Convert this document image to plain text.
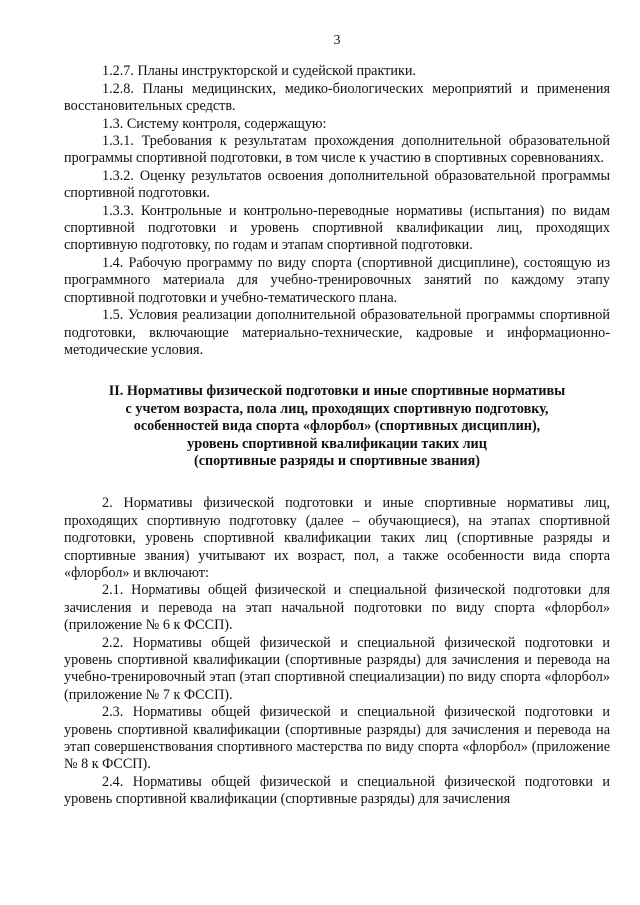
3

1.2.7. Планы инструкторской и судейской практики.

1.2.8. Планы медицинских, медико-биологических мероприятий и применения восстановительных средств.

1.3. Систему контроля, содержащую:

1.3.1. Требования к результатам прохождения дополнительной образовательной программы спортивной подготовки, в том числе к участию в спортивных соревнованиях.

1.3.2. Оценку результатов освоения дополнительной образовательной программы спортивной подготовки.

1.3.3. Контрольные и контрольно-переводные нормативы (испытания) по видам спортивной подготовки и уровень спортивной квалификации лиц, проходящих спортивную подготовку, по годам и этапам спортивной подготовки.

1.4. Рабочую программу по виду спорта (спортивной дисциплине), состоящую из программного материала для учебно-тренировочных занятий по каждому этапу спортивной подготовки и учебно-тематического плана.

1.5. Условия реализации дополнительной образовательной программы спортивной подготовки, включающие материально-технические, кадровые и информационно-методические условия.

II. Нормативы физической подготовки и иные спортивные нормативы
с учетом возраста, пола лиц, проходящих спортивную подготовку,
особенностей вида спорта «флорбол» (спортивных дисциплин),
уровень спортивной квалификации таких лиц
(спортивные разряды и спортивные звания)

2. Нормативы физической подготовки и иные спортивные нормативы лиц, проходящих спортивную подготовку (далее – обучающиеся), на этапах спортивной подготовки, уровень спортивной квалификации таких лиц (спортивные разряды и спортивные звания) учитывают их возраст, пол, а также особенности вида спорта «флорбол» и включают:

2.1. Нормативы общей физической и специальной физической подготовки для зачисления и перевода на этап начальной подготовки по виду спорта «флорбол» (приложение № 6 к ФССП).

2.2. Нормативы общей физической и специальной физической подготовки и уровень спортивной квалификации (спортивные разряды) для зачисления и перевода на учебно-тренировочный этап (этап спортивной специализации) по виду спорта «флорбол» (приложение № 7 к ФССП).

2.3. Нормативы общей физической и специальной физической подготовки и уровень спортивной квалификации (спортивные разряды) для зачисления и перевода на этап совершенствования спортивного мастерства по виду спорта «флорбол» (приложение № 8 к ФССП).

2.4. Нормативы общей физической и специальной физической подготовки и уровень спортивной квалификации (спортивные разряды) для зачисления
